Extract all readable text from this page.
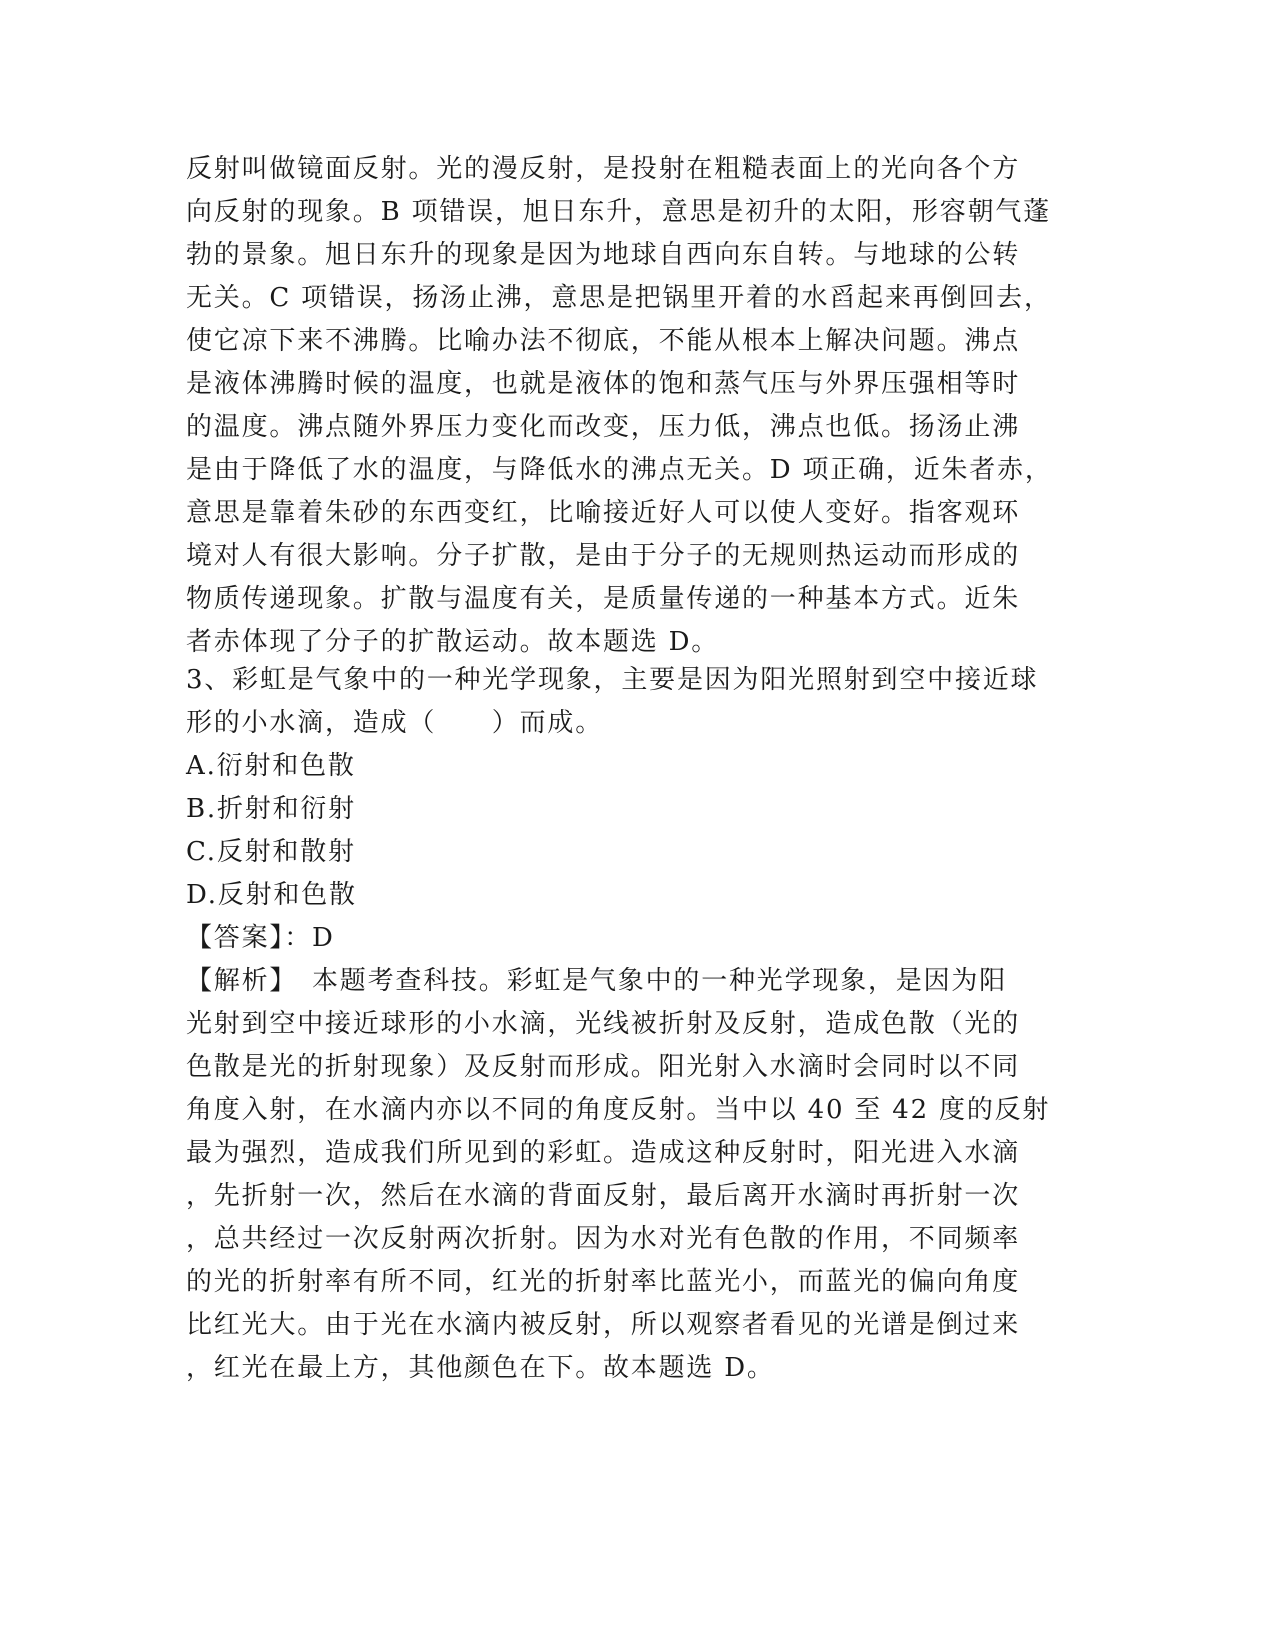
反射叫做镜面反射。光的漫反射，是投射在粗糙表面上的光向各个方
向反射的现象。B 项错误，旭日东升，意思是初升的太阳，形容朝气蓬
勃的景象。旭日东升的现象是因为地球自西向东自转。与地球的公转
无关。C 项错误，扬汤止沸，意思是把锅里开着的水舀起来再倒回去，
使它凉下来不沸腾。比喻办法不彻底，不能从根本上解决问题。沸点
是液体沸腾时候的温度，也就是液体的饱和蒸气压与外界压强相等时
的温度。沸点随外界压力变化而改变，压力低，沸点也低。扬汤止沸
是由于降低了水的温度，与降低水的沸点无关。D 项正确，近朱者赤，
意思是靠着朱砂的东西变红，比喻接近好人可以使人变好。指客观环
境对人有很大影响。分子扩散，是由于分子的无规则热运动而形成的
物质传递现象。扩散与温度有关，是质量传递的一种基本方式。近朱
者赤体现了分子的扩散运动。故本题选 D。
3、彩虹是气象中的一种光学现象，主要是因为阳光照射到空中接近球
形的小水滴，造成（　　）而成。
A.衍射和色散
B.折射和衍射
C.反射和散射
D.反射和色散
【答案】：D
【解析】　本题考查科技。彩虹是气象中的一种光学现象，是因为阳
光射到空中接近球形的小水滴，光线被折射及反射，造成色散（光的
色散是光的折射现象）及反射而形成。阳光射入水滴时会同时以不同
角度入射，在水滴内亦以不同的角度反射。当中以 40 至 42 度的反射
最为强烈，造成我们所见到的彩虹。造成这种反射时，阳光进入水滴
，先折射一次，然后在水滴的背面反射，最后离开水滴时再折射一次
，总共经过一次反射两次折射。因为水对光有色散的作用，不同频率
的光的折射率有所不同，红光的折射率比蓝光小，而蓝光的偏向角度
比红光大。由于光在水滴内被反射，所以观察者看见的光谱是倒过来
，红光在最上方，其他颜色在下。故本题选 D。
